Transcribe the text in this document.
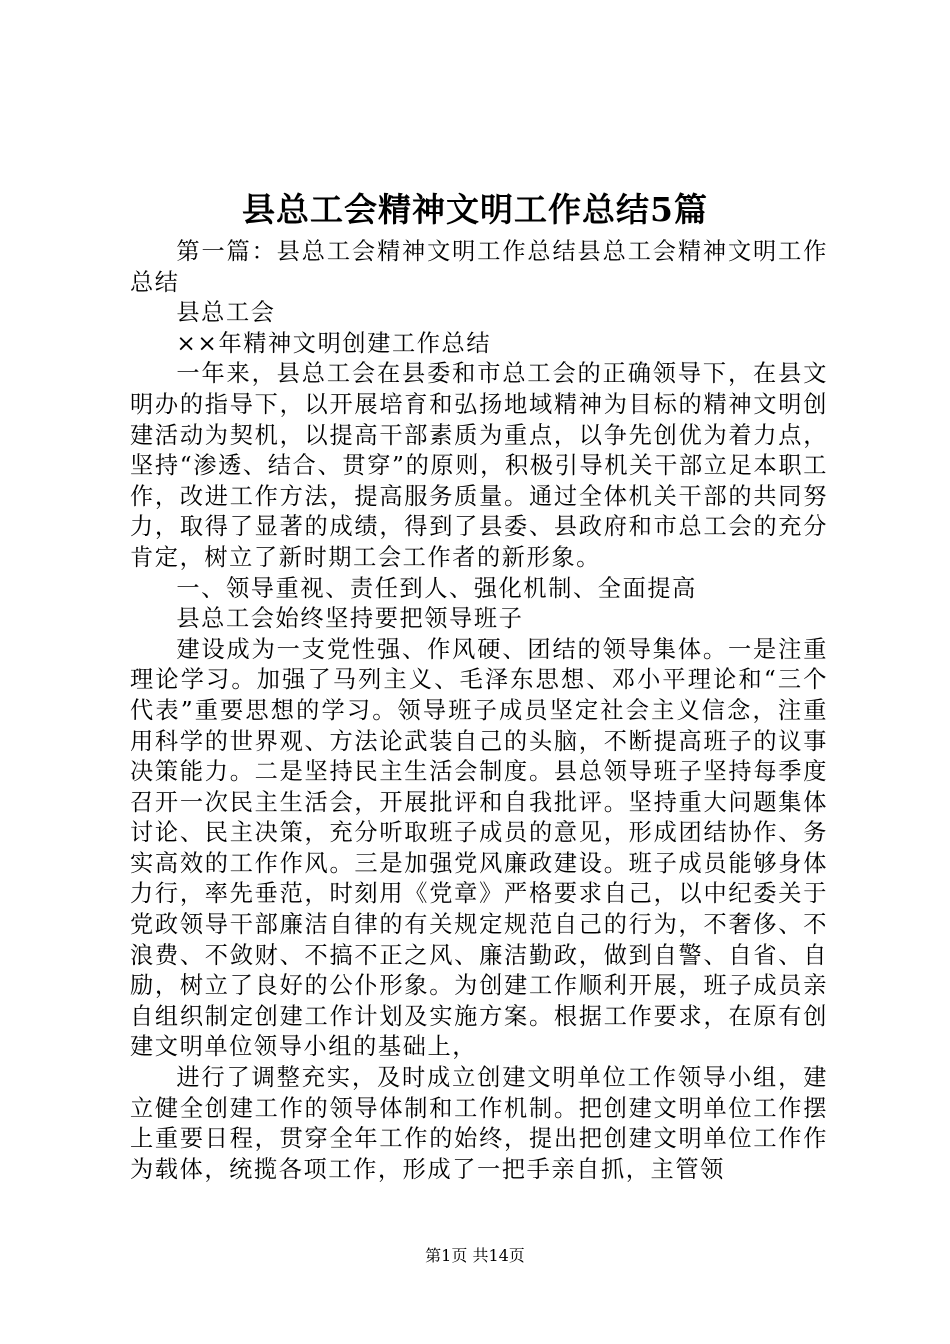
县总工会精神文明工作总结5篇

第一篇：县总工会精神文明工作总结县总工会精神文明工作总结

县总工会

××年精神文明创建工作总结

一年来，县总工会在县委和市总工会的正确领导下，在县文明办的指导下，以开展培育和弘扬地域精神为目标的精神文明创建活动为契机，以提高干部素质为重点，以争先创优为着力点，坚持“渗透、结合、贯穿”的原则，积极引导机关干部立足本职工作，改进工作方法，提高服务质量。通过全体机关干部的共同努力，取得了显著的成绩，得到了县委、县政府和市总工会的充分肯定，树立了新时期工会工作者的新形象。

一、领导重视、责任到人、强化机制、全面提高

县总工会始终坚持要把领导班子

建设成为一支党性强、作风硬、团结的领导集体。一是注重理论学习。加强了马列主义、毛泽东思想、邓小平理论和“三个代表”重要思想的学习。领导班子成员坚定社会主义信念，注重用科学的世界观、方法论武装自己的头脑，不断提高班子的议事决策能力。二是坚持民主生活会制度。县总领导班子坚持每季度召开一次民主生活会，开展批评和自我批评。坚持重大问题集体讨论、民主决策，充分听取班子成员的意见，形成团结协作、务实高效的工作作风。三是加强党风廉政建设。班子成员能够身体力行，率先垂范，时刻用《党章》严格要求自己，以中纪委关于党政领导干部廉洁自律的有关规定规范自己的行为，不奢侈、不浪费、不敛财、不搞不正之风、廉洁勤政，做到自警、自省、自励，树立了良好的公仆形象。为创建工作顺利开展，班子成员亲自组织制定创建工作计划及实施方案。根据工作要求，在原有创建文明单位领导小组的基础上，

进行了调整充实，及时成立创建文明单位工作领导小组，建立健全创建工作的领导体制和工作机制。把创建文明单位工作摆上重要日程，贯穿全年工作的始终，提出把创建文明单位工作作为载体，统揽各项工作，形成了一把手亲自抓，主管领

第1页 共14页
